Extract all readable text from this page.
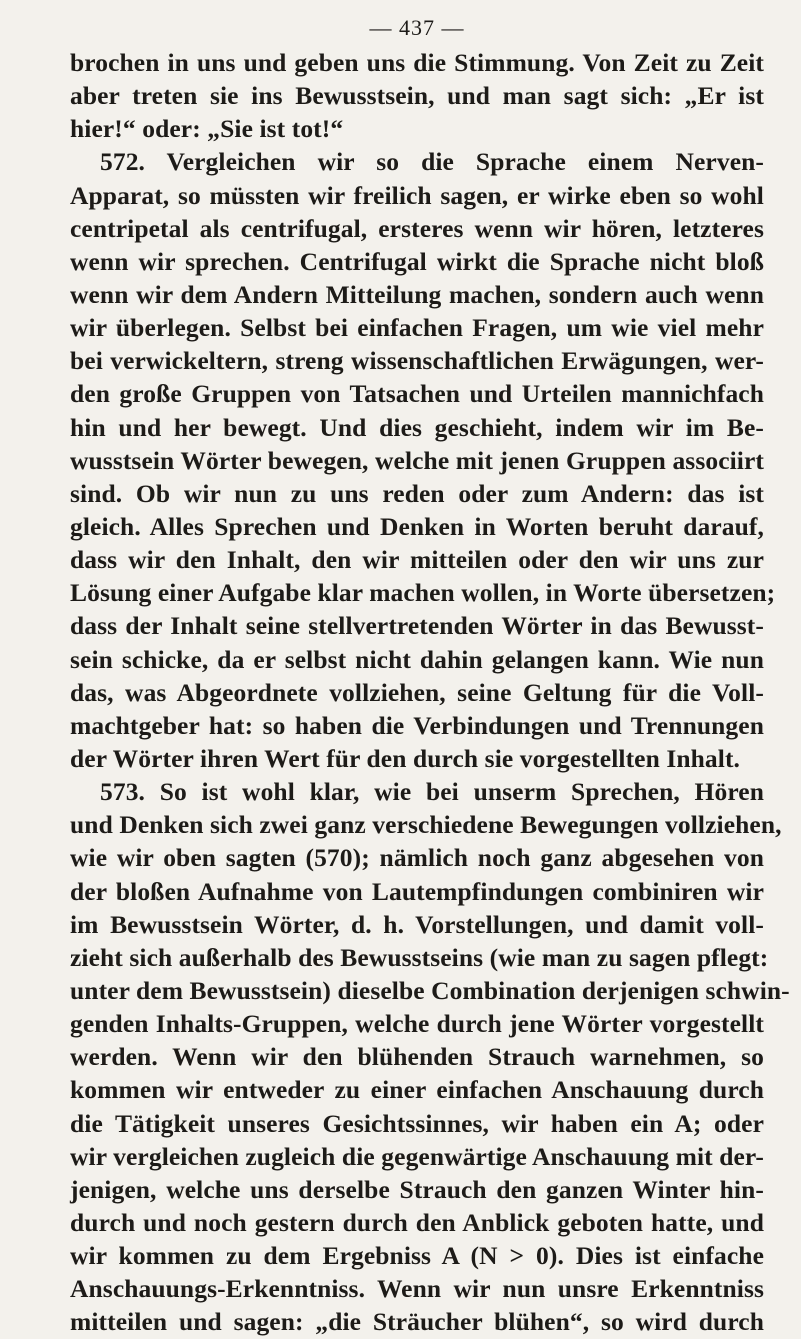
— 437 —
brochen in uns und geben uns die Stimmung. Von Zeit zu Zeit
aber treten sie ins Bewusstsein, und man sagt sich: „Er ist
hier!“ oder: „Sie ist tot!“
572. Vergleichen wir so die Sprache einem Nerven-
Apparat, so müssten wir freilich sagen, er wirke eben so wohl
centripetal als centrifugal, ersteres wenn wir hören, letzteres
wenn wir sprechen. Centrifugal wirkt die Sprache nicht bloß
wenn wir dem Andern Mitteilung machen, sondern auch wenn
wir überlegen. Selbst bei einfachen Fragen, um wie viel mehr
bei verwickeltern, streng wissenschaftlichen Erwägungen, wer-
den große Gruppen von Tatsachen und Urteilen mannichfach
hin und her bewegt. Und dies geschieht, indem wir im Be-
wusstsein Wörter bewegen, welche mit jenen Gruppen associirt
sind. Ob wir nun zu uns reden oder zum Andern: das ist
gleich. Alles Sprechen und Denken in Worten beruht darauf,
dass wir den Inhalt, den wir mitteilen oder den wir uns zur
Lösung einer Aufgabe klar machen wollen, in Worte übersetzen;
dass der Inhalt seine stellvertretenden Wörter in das Bewusst-
sein schicke, da er selbst nicht dahin gelangen kann. Wie nun
das, was Abgeordnete vollziehen, seine Geltung für die Voll-
machtgeber hat: so haben die Verbindungen und Trennungen
der Wörter ihren Wert für den durch sie vorgestellten Inhalt.
573. So ist wohl klar, wie bei unserm Sprechen, Hören
und Denken sich zwei ganz verschiedene Bewegungen vollziehen,
wie wir oben sagten (570); nämlich noch ganz abgesehen von
der bloßen Aufnahme von Lautempfindungen combiniren wir
im Bewusstsein Wörter, d. h. Vorstellungen, und damit voll-
zieht sich außerhalb des Bewusstseins (wie man zu sagen pflegt:
unter dem Bewusstsein) dieselbe Combination derjenigen schwin-
genden Inhalts-Gruppen, welche durch jene Wörter vorgestellt
werden. Wenn wir den blühenden Strauch warnehmen, so
kommen wir entweder zu einer einfachen Anschauung durch
die Tätigkeit unseres Gesichtssinnes, wir haben ein A; oder
wir vergleichen zugleich die gegenwärtige Anschauung mit der-
jenigen, welche uns derselbe Strauch den ganzen Winter hin-
durch und noch gestern durch den Anblick geboten hatte, und
wir kommen zu dem Ergebniss A (N > 0). Dies ist einfache
Anschauungs-Erkenntniss. Wenn wir nun unsre Erkenntniss
mitteilen und sagen: „die Sträucher blühen“, so wird durch
